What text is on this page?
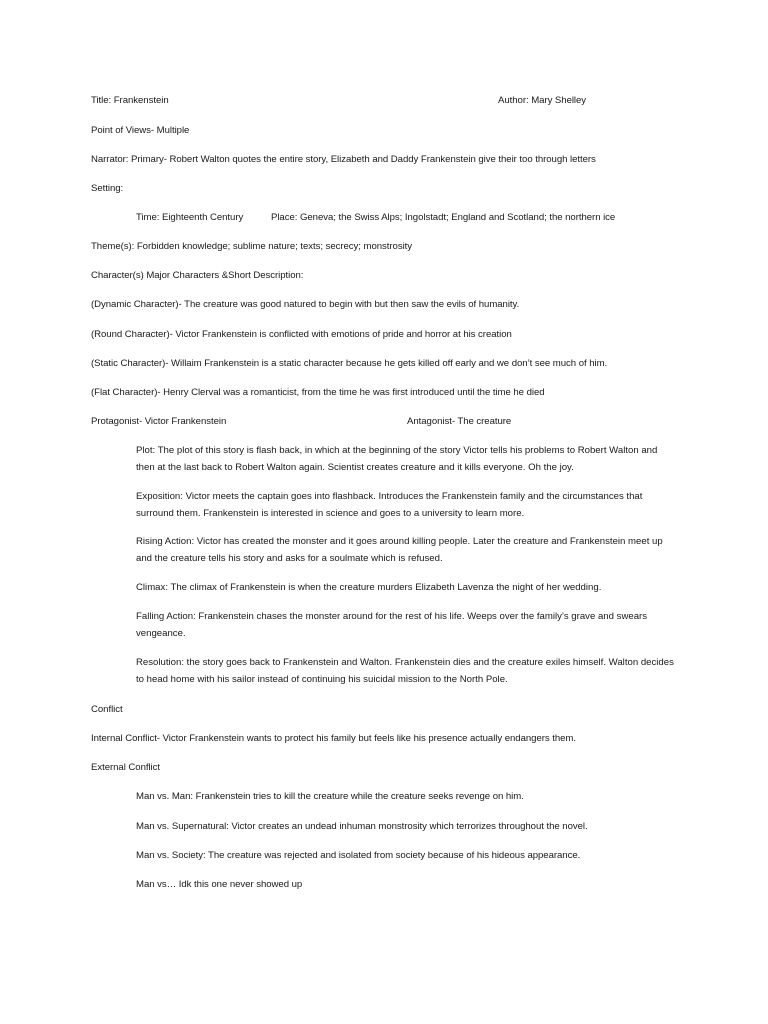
Title: Frankenstein	Author: Mary Shelley
Point of Views- Multiple
Narrator: Primary- Robert Walton quotes the entire story, Elizabeth and Daddy Frankenstein give their too through letters
Setting:
Time: Eighteenth Century	Place: Geneva; the Swiss Alps; Ingolstadt; England and Scotland; the northern ice
Theme(s): Forbidden knowledge; sublime nature; texts; secrecy; monstrosity
Character(s) Major Characters &Short Description:
(Dynamic Character)- The creature was good natured to begin with but then saw the evils of humanity.
(Round Character)- Victor Frankenstein is conflicted with emotions of pride and horror at his creation
(Static Character)- Willaim Frankenstein is a static character because he gets killed off early and we don’t see much of him.
(Flat Character)- Henry Clerval was a romanticist, from the time he was first introduced until the time he died
Protagonist- Victor Frankenstein	Antagonist- The creature
Plot: The plot of this story is flash back, in which at the beginning of the story Victor tells his problems to Robert Walton and then at the last back to Robert Walton again. Scientist creates creature and it kills everyone. Oh the joy.
Exposition: Victor meets the captain goes into flashback. Introduces the Frankenstein family and the circumstances that surround them. Frankenstein is interested in science and goes to a university to learn more.
Rising Action: Victor has created the monster and it goes around killing people. Later the creature and Frankenstein meet up and the creature tells his story and asks for a soulmate which is refused.
Climax: The climax of Frankenstein is when the creature murders Elizabeth Lavenza the night of her wedding.
Falling Action: Frankenstein chases the monster around for the rest of his life. Weeps over the family’s grave and swears vengeance.
Resolution: the story goes back to Frankenstein and Walton. Frankenstein dies and the creature exiles himself. Walton decides to head home with his sailor instead of continuing his suicidal mission to the North Pole.
Conflict
Internal Conflict- Victor Frankenstein wants to protect his family but feels like his presence actually endangers them.
External Conflict
Man vs. Man: Frankenstein tries to kill the creature while the creature seeks revenge on him.
Man vs. Supernatural: Victor creates an undead inhuman monstrosity which terrorizes throughout the novel.
Man vs. Society: The creature was rejected and isolated from society because of his hideous appearance.
Man vs… Idk this one never showed up
